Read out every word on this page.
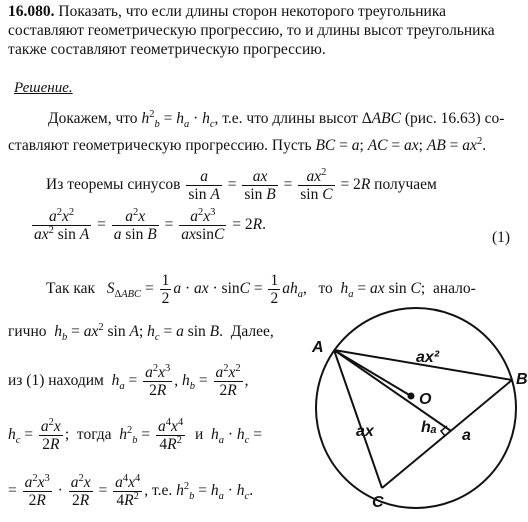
16.080. Показать, что если длины сторон некоторого треугольника составляют геометрическую прогрессию, то и длины высот треугольника также составляют геометрическую прогрессию.
Решение.
Докажем, что $h^2_b = h_a \cdot h_c$, т.е. что длины высот ΔABC (рис. 16.63) со-
ставляют геометрическую прогрессию. Пусть BC = a; AC = ax; AB = $ax^2$.
Из теоремы синусов $\frac{a}{\text{sin A}} = \frac{ax}{\text{sin B}} = \frac{ax^2}{\text{sin C}} = 2R$ получаем
$\frac{a^2x^2}{ax^2 \sin A} = \frac{a^2x}{\text{a sin B}} = \frac{a^2x^3}{axsinC} = 2R$.
(1)
Так как $S_{\Delta ABC} = \frac{1}{2}$ a · ax · $\sin C = \frac{1}{2} ah_a$,   то $h_a$ = ax sin C;  анало-
гично $h_b = ax^2$ sin A; $h_c = a$ sin B.  Далее,
из (1) находим $h_a = \frac{a^2x^3}{2R}$ , $h_b = \frac{a^2x^2}{2R}$ ,
$h_c = \frac{a^2x}{2R}$ ;  тогда $h^2_b = \frac{a^4x^4}{4R^2}$ и $h_a \cdot h_c$ =
= $\frac{a^2x^3}{2R} \cdot \frac{a^2x}{2R} = \frac{a^4x^4}{4R^2}$ , т.е. $h^2_b = h_a \cdot h_c$.
A
B
C
O
ax²
ax	a
hₐ
